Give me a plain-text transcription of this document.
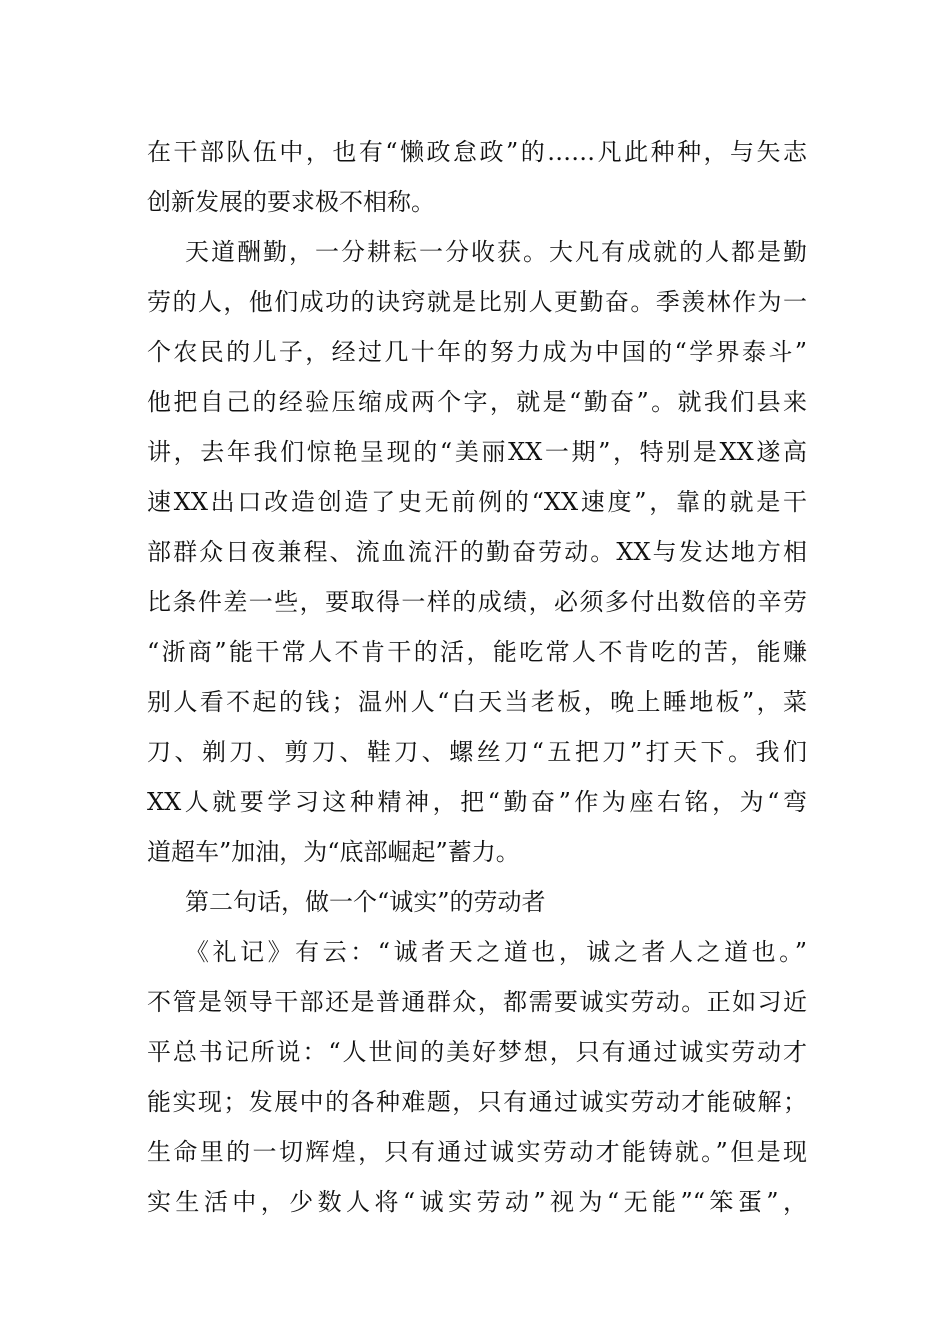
在干部队伍中，也有“懒政怠政”的……凡此种种，与矢志
创新发展的要求极不相称。
天道酬勤，一分耕耘一分收获。大凡有成就的人都是勤
劳的人，他们成功的诀窍就是比别人更勤奋。季羡林作为一
个农民的儿子，经过几十年的努力成为中国的“学界泰斗”
他把自己的经验压缩成两个字，就是“勤奋”。就我们县来
讲，去年我们惊艳呈现的“美丽XX一期”，特别是XX遂高
速XX出口改造创造了史无前例的“XX速度”，靠的就是干
部群众日夜兼程、流血流汗的勤奋劳动。XX与发达地方相
比条件差一些，要取得一样的成绩，必须多付出数倍的辛劳
“浙商”能干常人不肯干的活，能吃常人不肯吃的苦，能赚
别人看不起的钱；温州人“白天当老板，晚上睡地板”，菜
刀、剃刀、剪刀、鞋刀、螺丝刀“五把刀”打天下。我们
XX人就要学习这种精神，把“勤奋”作为座右铭，为“弯
道超车”加油，为“底部崛起”蓄力。
第二句话，做一个“诚实”的劳动者
《礼记》有云：“诚者天之道也，诚之者人之道也。”
不管是领导干部还是普通群众，都需要诚实劳动。正如习近
平总书记所说：“人世间的美好梦想，只有通过诚实劳动才
能实现；发展中的各种难题，只有通过诚实劳动才能破解；
生命里的一切辉煌，只有通过诚实劳动才能铸就。”但是现
实生活中，少数人将“诚实劳动”视为“无能”“笨蛋”，
